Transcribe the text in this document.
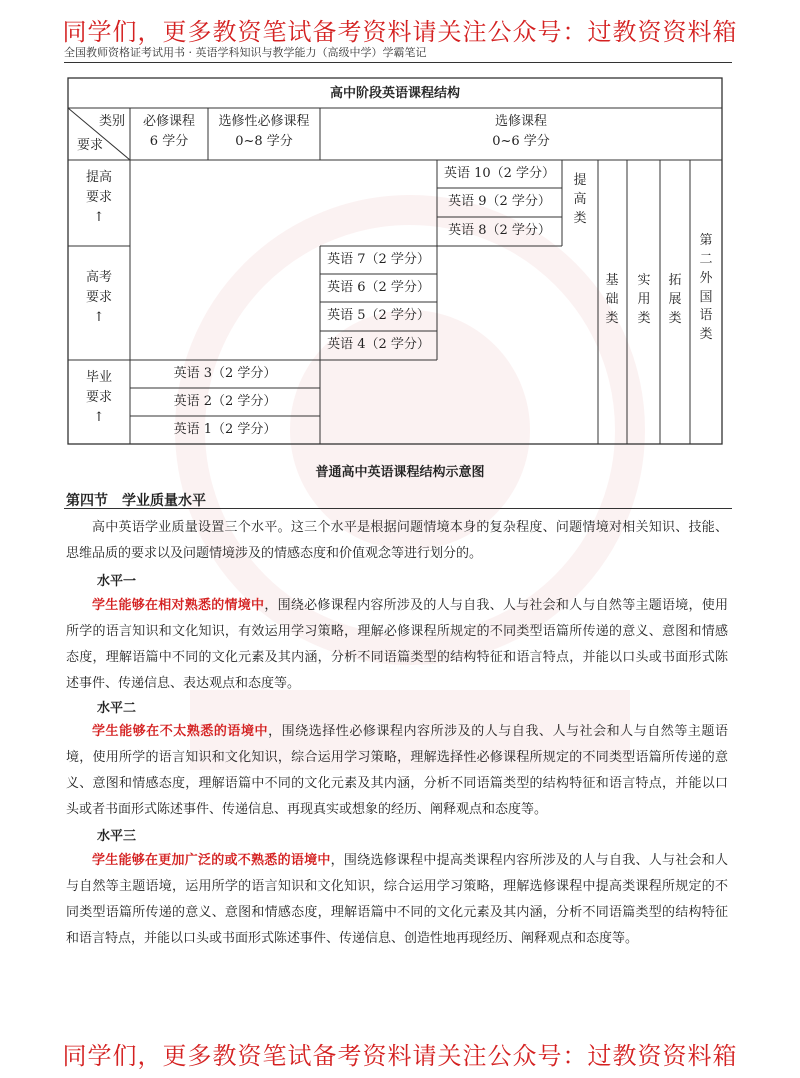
同学们，更多教资笔试备考资料请关注公众号：过教资资料箱
全国教师资格证考试用书 · 英语学科知识与教学能力（高级中学）学霸笔记
高中阶段英语课程结构
类别
要求
必修课程
6 学分
选修性必修课程
0~8 学分
选修课程
0~6 学分
提高要求
↑
高考要求
↑
毕业要求
↑
英语 10（2 学分）
英语 9（2 学分）
英语 8（2 学分）
英语 7（2 学分）
英语 6（2 学分）
英语 5（2 学分）
英语 4（2 学分）
英语 3（2 学分）
英语 2（2 学分）
英语 1（2 学分）
提高类
基础类
实用类
拓展类
第二外国语类
普通高中英语课程结构示意图
第四节　学业质量水平
高中英语学业质量设置三个水平。这三个水平是根据问题情境本身的复杂程度、问题情境对相关知识、技能、思维品质的要求以及问题情境涉及的情感态度和价值观念等进行划分的。
水平一
学生能够在相对熟悉的情境中，围绕必修课程内容所涉及的人与自我、人与社会和人与自然等主题语境，使用所学的语言知识和文化知识，有效运用学习策略，理解必修课程所规定的不同类型语篇所传递的意义、意图和情感态度，理解语篇中不同的文化元素及其内涵，分析不同语篇类型的结构特征和语言特点，并能以口头或书面形式陈述事件、传递信息、表达观点和态度等。
水平二
学生能够在不太熟悉的语境中，围绕选择性必修课程内容所涉及的人与自我、人与社会和人与自然等主题语境，使用所学的语言知识和文化知识，综合运用学习策略，理解选择性必修课程所规定的不同类型语篇所传递的意义、意图和情感态度，理解语篇中不同的文化元素及其内涵，分析不同语篇类型的结构特征和语言特点，并能以口头或者书面形式陈述事件、传递信息、再现真实或想象的经历、阐释观点和态度等。
水平三
学生能够在更加广泛的或不熟悉的语境中，围绕选修课程中提高类课程内容所涉及的人与自我、人与社会和人与自然等主题语境，运用所学的语言知识和文化知识，综合运用学习策略，理解选修课程中提高类课程所规定的不同类型语篇所传递的意义、意图和情感态度，理解语篇中不同的文化元素及其内涵，分析不同语篇类型的结构特征和语言特点，并能以口头或书面形式陈述事件、传递信息、创造性地再现经历、阐释观点和态度等。
同学们，更多教资笔试备考资料请关注公众号：过教资资料箱
